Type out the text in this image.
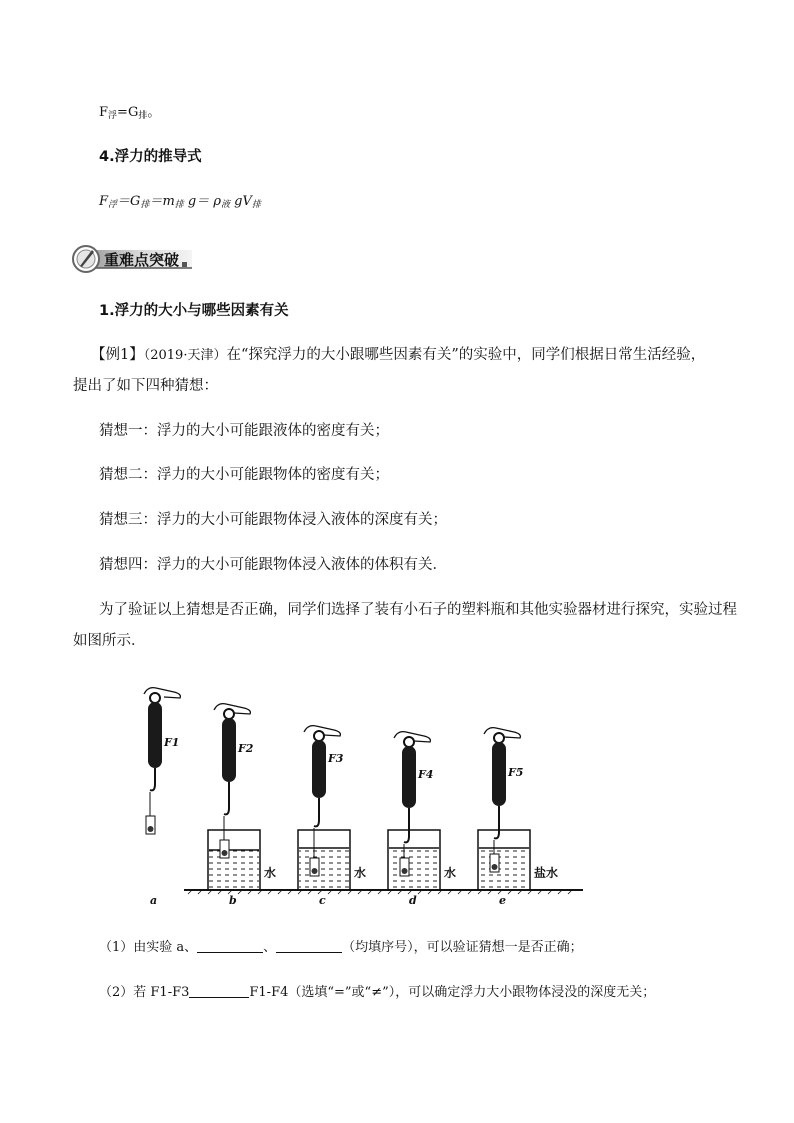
$F_浮=G_排$。
4.浮力的推导式
$F_浮=G_排=m_排$ $g= \rho_液$ $gV_排$
重难点突破
1.浮力的大小与哪些因素有关
【例1】（2019·天津）在“探究浮力的大小跟哪些因素有关”的实验中，同学们根据日常生活经验，
提出了如下四种猜想：
猜想一：浮力的大小可能跟液体的密度有关；
猜想二：浮力的大小可能跟物体的密度有关；
猜想三：浮力的大小可能跟物体浸入液体的深度有关；
猜想四：浮力的大小可能跟物体浸入液体的体积有关．
为了验证以上猜想是否正确，同学们选择了装有小石子的塑料瓶和其他实验器材进行探究，实验过程
如图所示．
F1	F2
F3
F4	F5
水	水	水	盐水
a	b	c	d	e
（1）由实验 a、	、	（均填序号），可以验证猜想一是否正确；
（2）若 F1-F3	F1-F4（选填“=”或“≠”），可以确定浮力大小跟物体浸没的深度无关；
